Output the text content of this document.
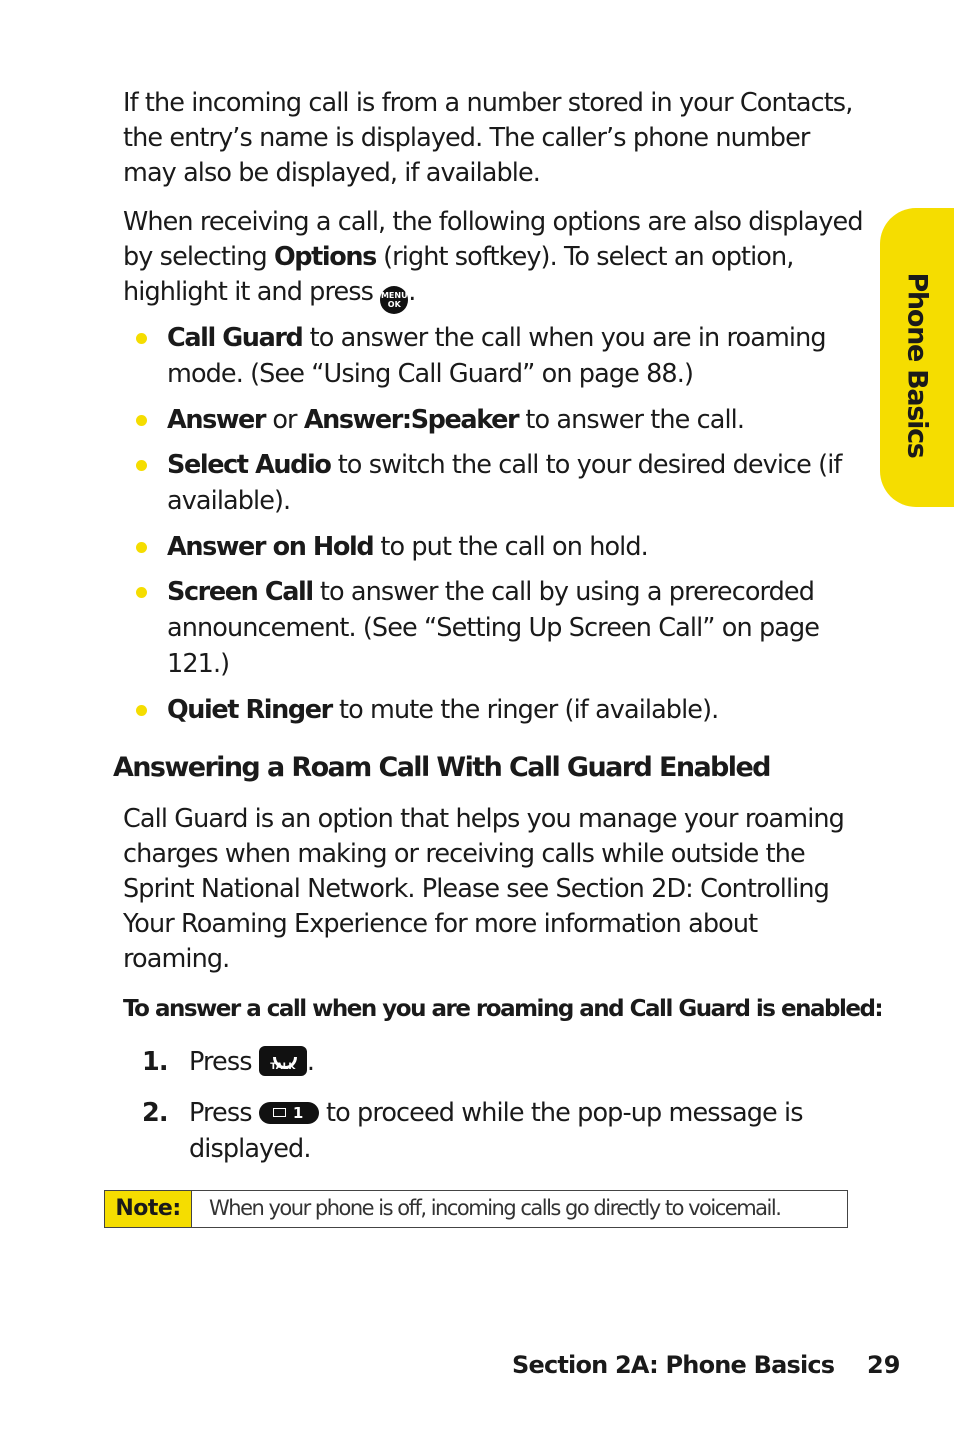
If the incoming call is from a number stored in your Contacts, the entry’s name is displayed. The caller’s phone number may also be displayed, if available.

When receiving a call, the following options are also displayed by selecting Options (right softkey). To select an option, highlight it and press MENU
OK .

Call Guard to answer the call when you are in roaming mode. (See “Using Call Guard” on page 88.)
Answer or Answer:Speaker to answer the call.
Select Audio to switch the call to your desired device (if available).
Answer on Hold to put the call on hold.
Screen Call to answer the call by using a prerecorded announcement. (See “Setting Up Screen Call” on page 121.)
Quiet Ringer to mute the ringer (if available).
Answering a Roam Call With Call Guard Enabled

Call Guard is an option that helps you manage your roaming charges when making or receiving calls while outside the Sprint National Network. Please see Section 2D: Controlling Your Roaming Experience for more information about roaming.

To answer a call when you are roaming and Call Guard is enabled:

1. Press	TALK .
2. Press 1 to proceed while the pop-up message is displayed.
Note:	When your phone is off, incoming calls go directly to voicemail.
Phone Basics
Section 2A: Phone Basics 29
